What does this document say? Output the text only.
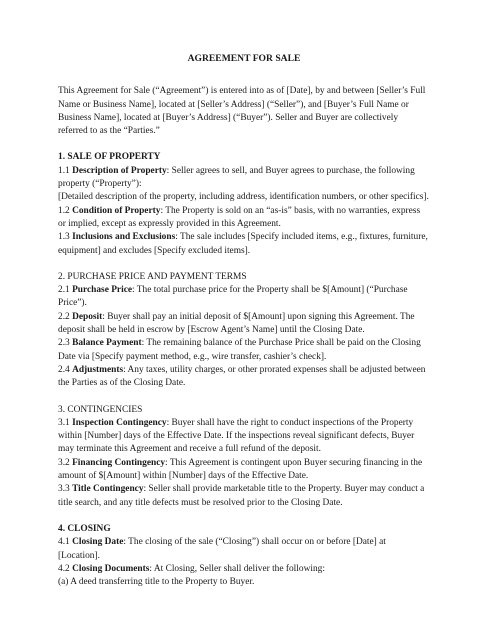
AGREEMENT FOR SALE

This Agreement for Sale (“Agreement”) is entered into as of [Date], by and between [Seller’s Full Name or Business Name], located at [Seller’s Address] (“Seller”), and [Buyer’s Full Name or Business Name], located at [Buyer’s Address] (“Buyer”). Seller and Buyer are collectively referred to as the “Parties.”

1. SALE OF PROPERTY

1.1 Description of Property: Seller agrees to sell, and Buyer agrees to purchase, the following property (“Property”):

[Detailed description of the property, including address, identification numbers, or other specifics].

1.2 Condition of Property: The Property is sold on an “as-is” basis, with no warranties, express or implied, except as expressly provided in this Agreement.

1.3 Inclusions and Exclusions: The sale includes [Specify included items, e.g., fixtures, furniture, equipment] and excludes [Specify excluded items].

2. PURCHASE PRICE AND PAYMENT TERMS

2.1 Purchase Price: The total purchase price for the Property shall be $[Amount] (“Purchase Price”).

2.2 Deposit: Buyer shall pay an initial deposit of $[Amount] upon signing this Agreement. The deposit shall be held in escrow by [Escrow Agent’s Name] until the Closing Date.

2.3 Balance Payment: The remaining balance of the Purchase Price shall be paid on the Closing Date via [Specify payment method, e.g., wire transfer, cashier’s check].

2.4 Adjustments: Any taxes, utility charges, or other prorated expenses shall be adjusted between the Parties as of the Closing Date.

3. CONTINGENCIES

3.1 Inspection Contingency: Buyer shall have the right to conduct inspections of the Property within [Number] days of the Effective Date. If the inspections reveal significant defects, Buyer may terminate this Agreement and receive a full refund of the deposit.

3.2 Financing Contingency: This Agreement is contingent upon Buyer securing financing in the amount of $[Amount] within [Number] days of the Effective Date.

3.3 Title Contingency: Seller shall provide marketable title to the Property. Buyer may conduct a title search, and any title defects must be resolved prior to the Closing Date.

4. CLOSING

4.1 Closing Date: The closing of the sale (“Closing”) shall occur on or before [Date] at [Location].

4.2 Closing Documents: At Closing, Seller shall deliver the following:

(a) A deed transferring title to the Property to Buyer.
